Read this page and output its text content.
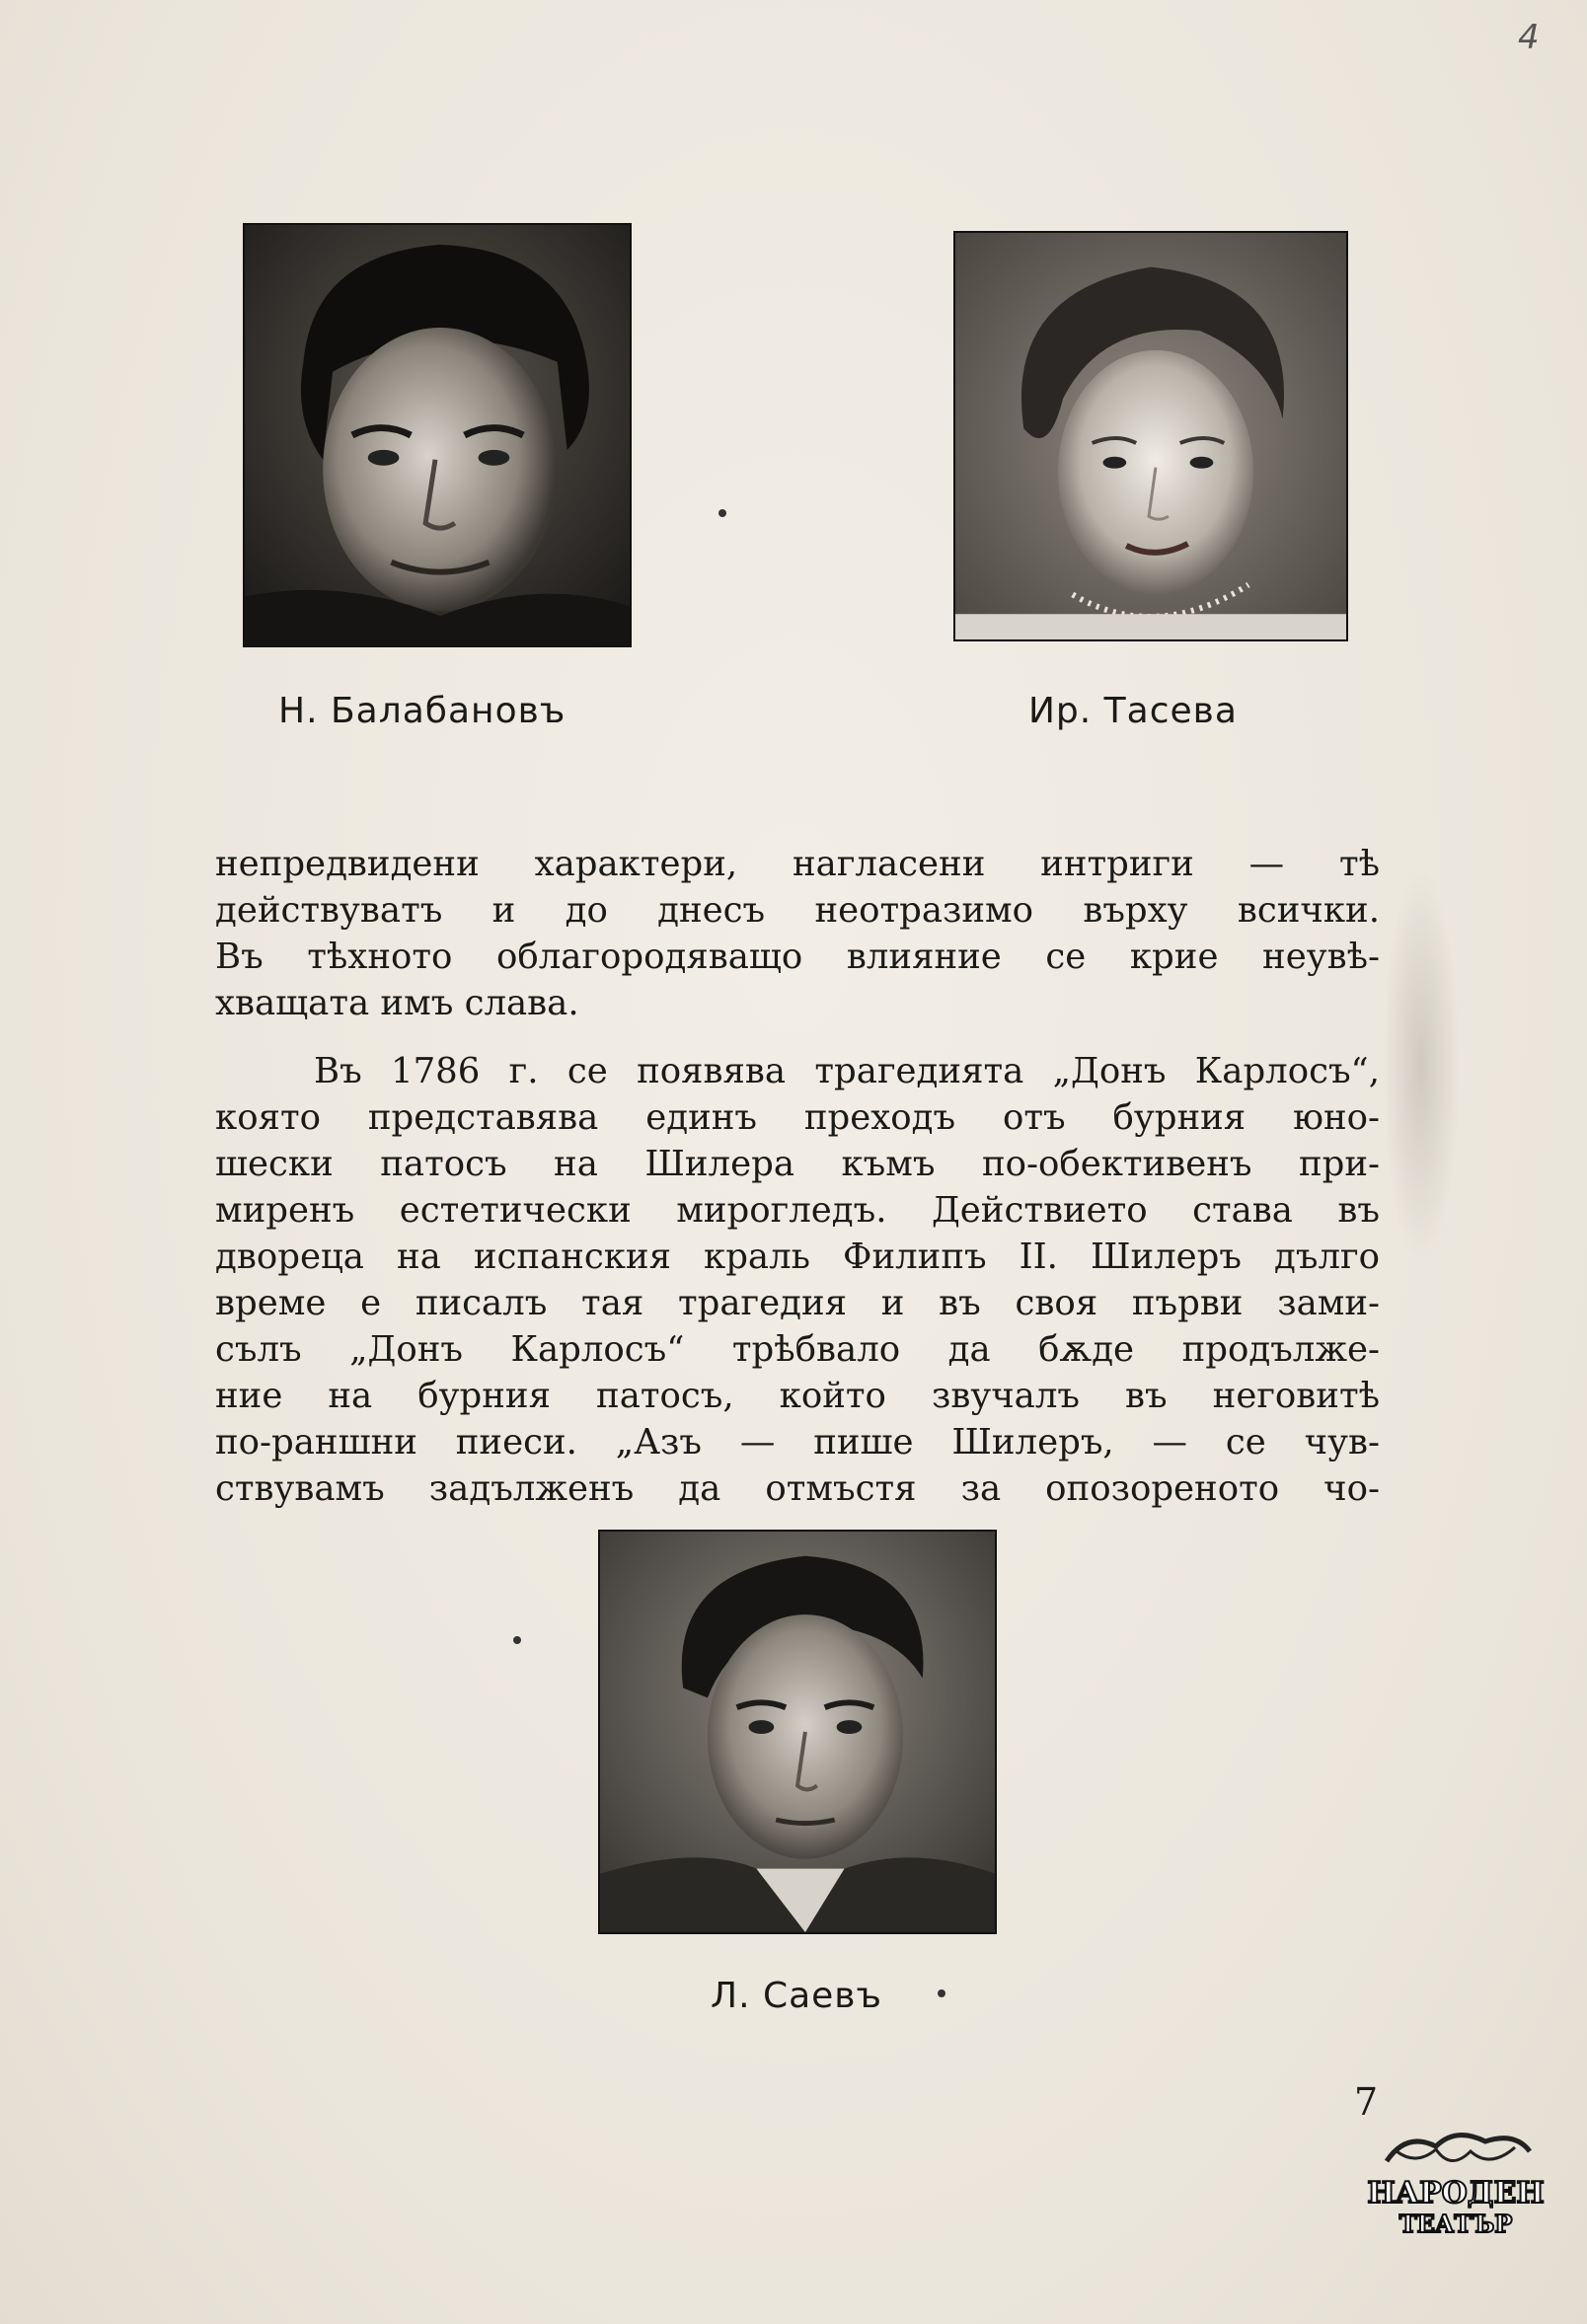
4
Н. Балабановъ	Ир. Тасева
непредвидени характери, нагласени интриги — тѣ
действуватъ и до днесъ неотразимо върху всички.
Въ тѣхното облагородяващо влияние се крие неувѣ-
хващата имъ слава.
Въ 1786 г. се появява трагедията „Донъ Карлосъ“,
която представява единъ преходъ отъ бурния юно-
шески патосъ на Шилера къмъ по-обективенъ при-
миренъ естетически мирогледъ. Действието става въ
двореца на испанския краль Филипъ II. Шилеръ дълго
време е писалъ тая трагедия и въ своя първи зами-
сълъ „Донъ Карлосъ“ трѣбвало да бѫде продълже-
ние на бурния патосъ, който звучалъ въ неговитѣ
по-раншни пиеси. „Азъ — пише Шилеръ, — се чув-
ствувамъ задълженъ да отмъстя за опозореното чо-
Л. Саевъ
7
НАРОДЕН
ТЕАТЪР
